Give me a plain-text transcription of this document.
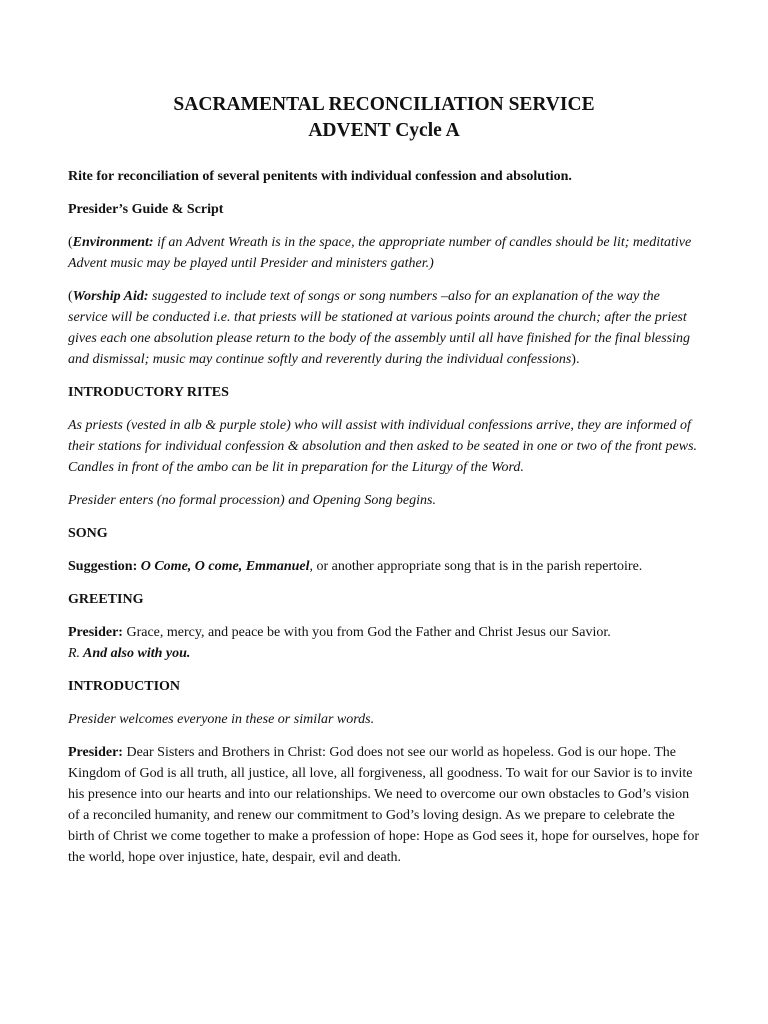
SACRAMENTAL RECONCILIATION SERVICE

ADVENT Cycle A

Rite for reconciliation of several penitents with individual confession and absolution.

Presider’s Guide & Script

(Environment: if an Advent Wreath is in the space, the appropriate number of candles should be lit; meditative Advent music may be played until Presider and ministers gather.)

(Worship Aid: suggested to include text of songs or song numbers –also for an explanation of the way the service will be conducted i.e. that priests will be stationed at various points around the church; after the priest gives each one absolution please return to the body of the assembly until all have finished for the final blessing and dismissal; music may continue softly and reverently during the individual confessions).

INTRODUCTORY RITES

As priests (vested in alb & purple stole) who will assist with individual confessions arrive, they are informed of their stations for individual confession & absolution and then asked to be seated in one or two of the front pews. Candles in front of the ambo can be lit in preparation for the Liturgy of the Word.

Presider enters (no formal procession) and Opening Song begins.

SONG

Suggestion: O Come, O come, Emmanuel, or another appropriate song that is in the parish repertoire.

GREETING

Presider: Grace, mercy, and peace be with you from God the Father and Christ Jesus our Savior.
R. And also with you.

INTRODUCTION

Presider welcomes everyone in these or similar words.

Presider: Dear Sisters and Brothers in Christ: God does not see our world as hopeless. God is our hope. The Kingdom of God is all truth, all justice, all love, all forgiveness, all goodness. To wait for our Savior is to invite his presence into our hearts and into our relationships. We need to overcome our own obstacles to God’s vision of a reconciled humanity, and renew our commitment to God’s loving design. As we prepare to celebrate the birth of Christ we come together to make a profession of hope: Hope as God sees it, hope for ourselves, hope for the world, hope over injustice, hate, despair, evil and death.
